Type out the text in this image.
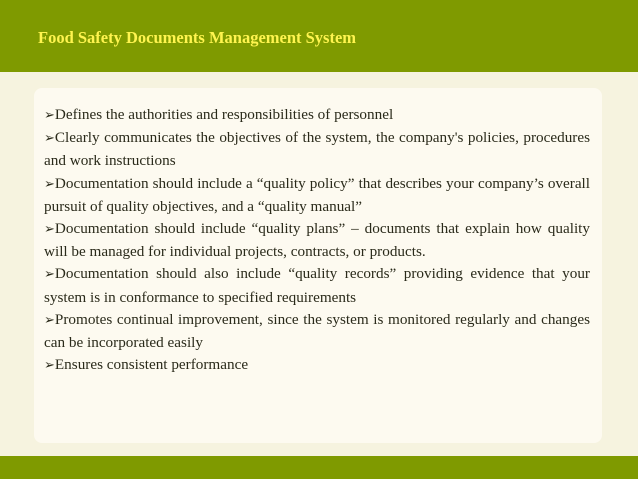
Food Safety Documents Management System
➢Defines the authorities and responsibilities of personnel
➢Clearly communicates the objectives of the system, the company's policies, procedures and work instructions
➢Documentation should include a “quality policy” that describes your company’s overall pursuit of quality objectives, and a “quality manual”
➢Documentation should include “quality plans” – documents that explain how quality will be managed for individual projects, contracts, or products.
➢Documentation should also include “quality records” providing evidence that your system is in conformance to specified requirements
➢Promotes continual improvement, since the system is monitored regularly and changes can be incorporated easily
➢Ensures consistent performance
